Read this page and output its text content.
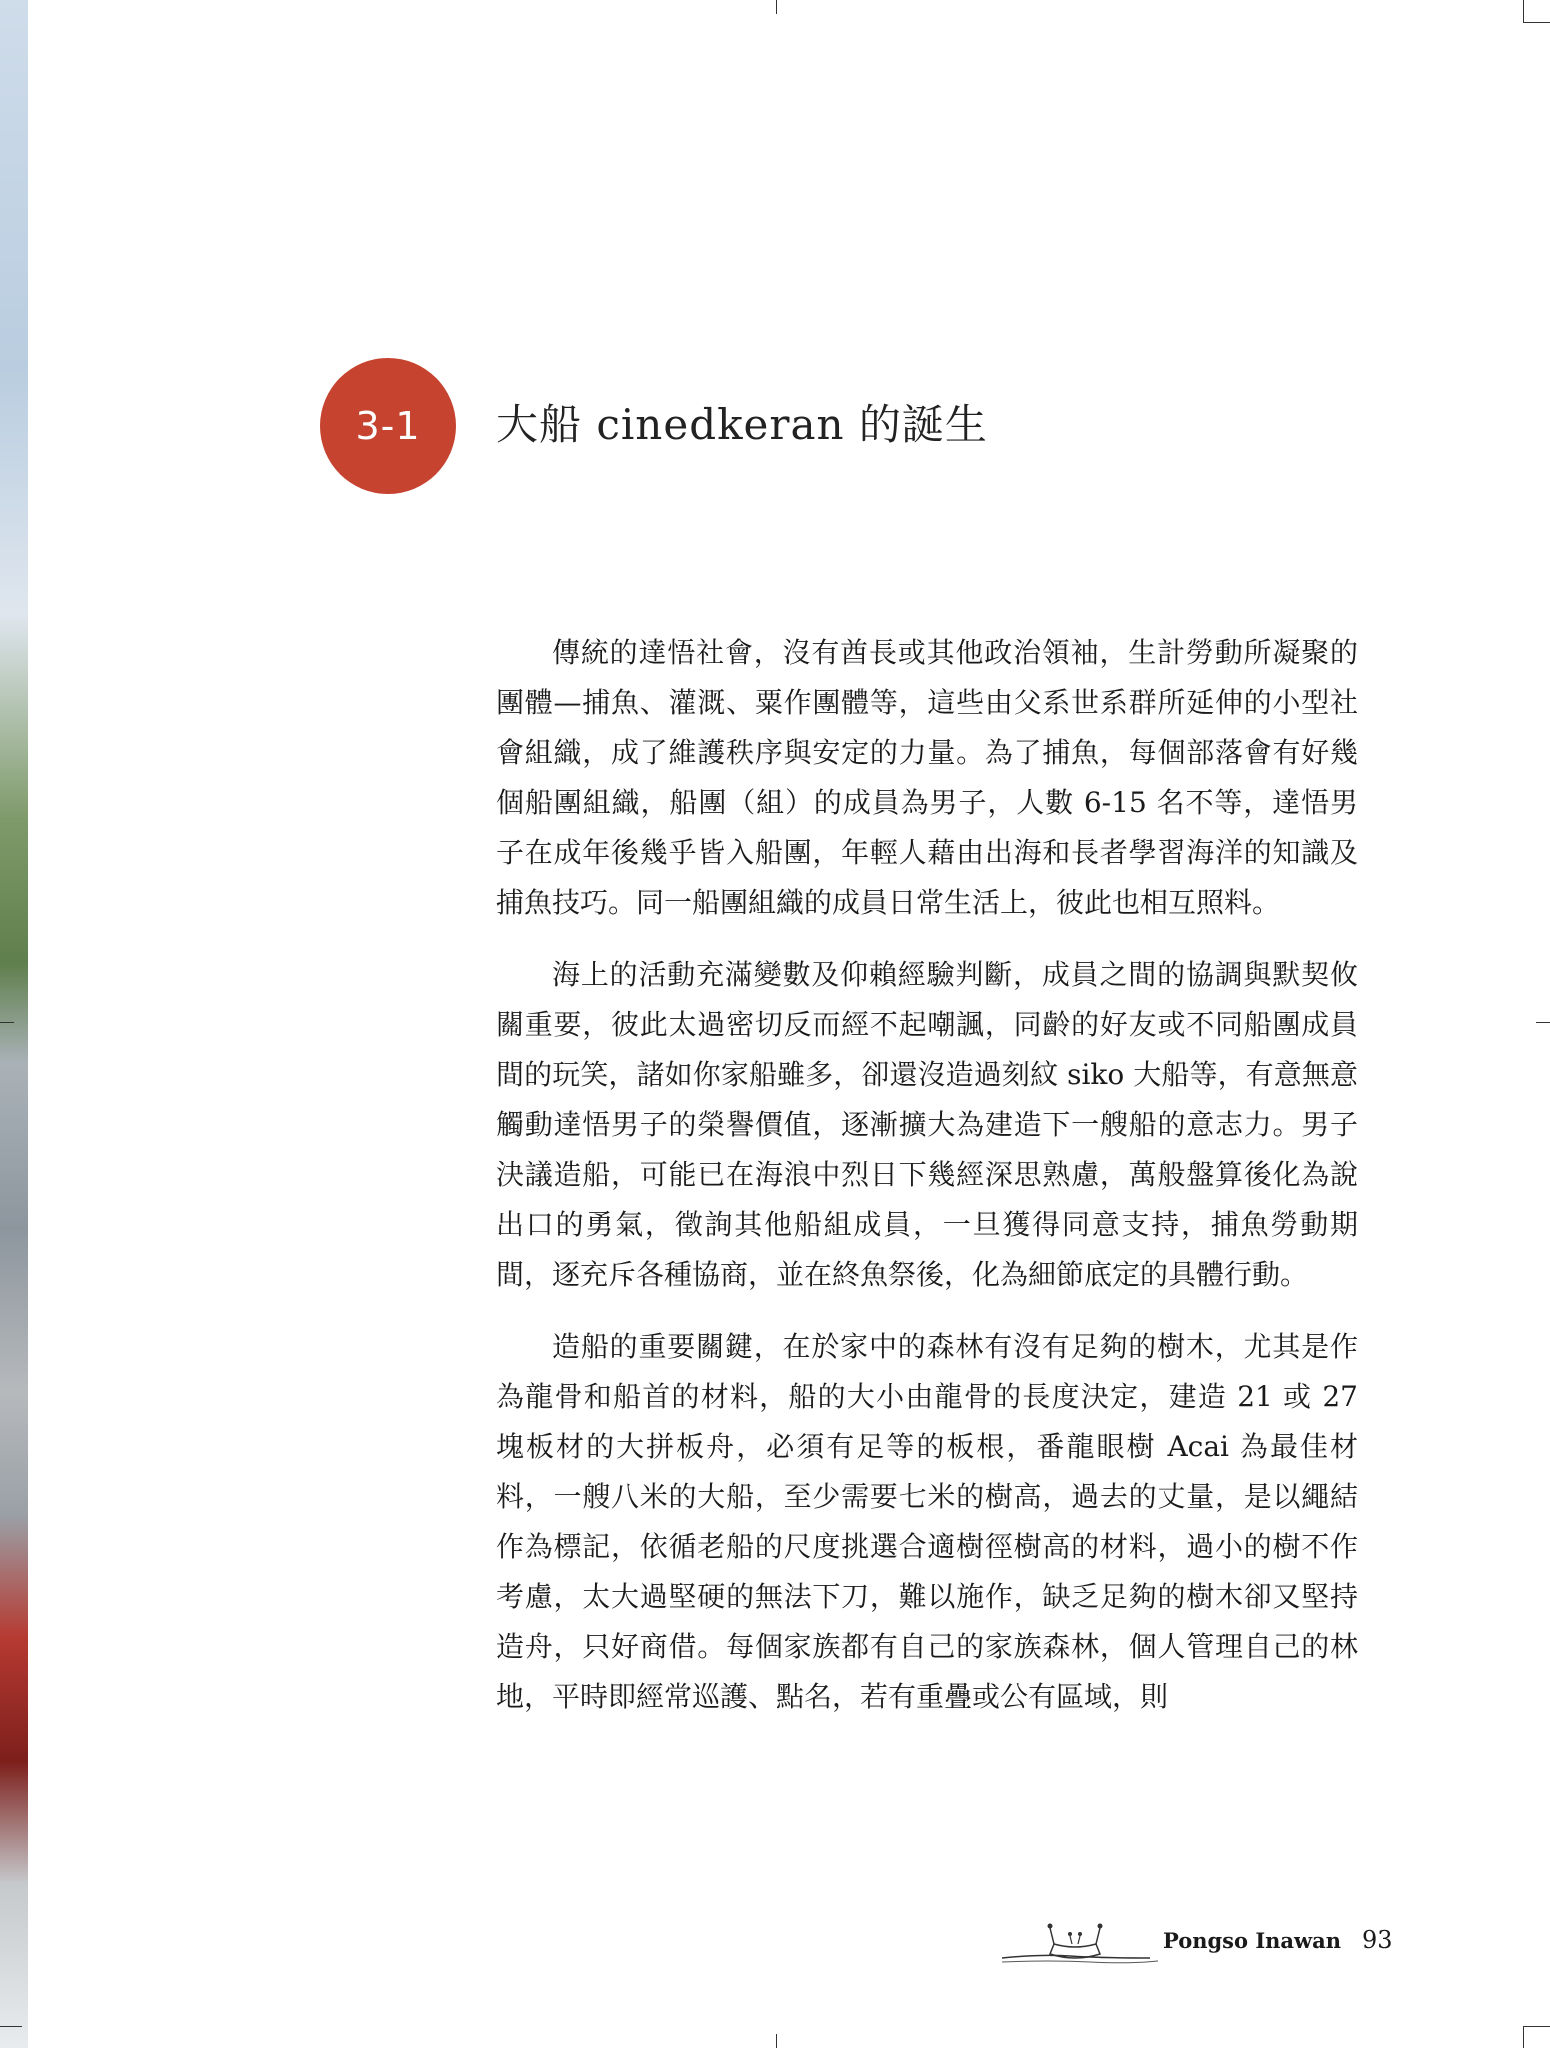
3-1	大船 cinedkeran 的誕生

傳統的達悟社會，沒有酋長或其他政治領袖，生計勞動所凝聚的團體—捕魚、灌溉、粟作團體等，這些由父系世系群所延伸的小型社會組織，成了維護秩序與安定的力量。為了捕魚，每個部落會有好幾個船團組織，船團（組）的成員為男子，人數 6-15 名不等，達悟男子在成年後幾乎皆入船團，年輕人藉由出海和長者學習海洋的知識及捕魚技巧。同一船團組織的成員日常生活上，彼此也相互照料。

海上的活動充滿變數及仰賴經驗判斷，成員之間的協調與默契攸關重要，彼此太過密切反而經不起嘲諷，同齡的好友或不同船團成員間的玩笑，諸如你家船雖多，卻還沒造過刻紋 siko 大船等，有意無意觸動達悟男子的榮譽價值，逐漸擴大為建造下一艘船的意志力。男子決議造船，可能已在海浪中烈日下幾經深思熟慮，萬般盤算後化為說出口的勇氣，徵詢其他船組成員，一旦獲得同意支持，捕魚勞動期間，逐充斥各種協商，並在終魚祭後，化為細節底定的具體行動。

造船的重要關鍵，在於家中的森林有沒有足夠的樹木，尤其是作為龍骨和船首的材料，船的大小由龍骨的長度決定，建造 21 或 27 塊板材的大拼板舟，必須有足等的板根，番龍眼樹 Acai 為最佳材料，一艘八米的大船，至少需要七米的樹高，過去的丈量，是以繩結作為標記，依循老船的尺度挑選合適樹徑樹高的材料，過小的樹不作考慮，太大過堅硬的無法下刀，難以施作，缺乏足夠的樹木卻又堅持造舟，只好商借。每個家族都有自己的家族森林，個人管理自己的林地，平時即經常巡護、點名，若有重疊或公有區域，則

Pongso Inawan 93
